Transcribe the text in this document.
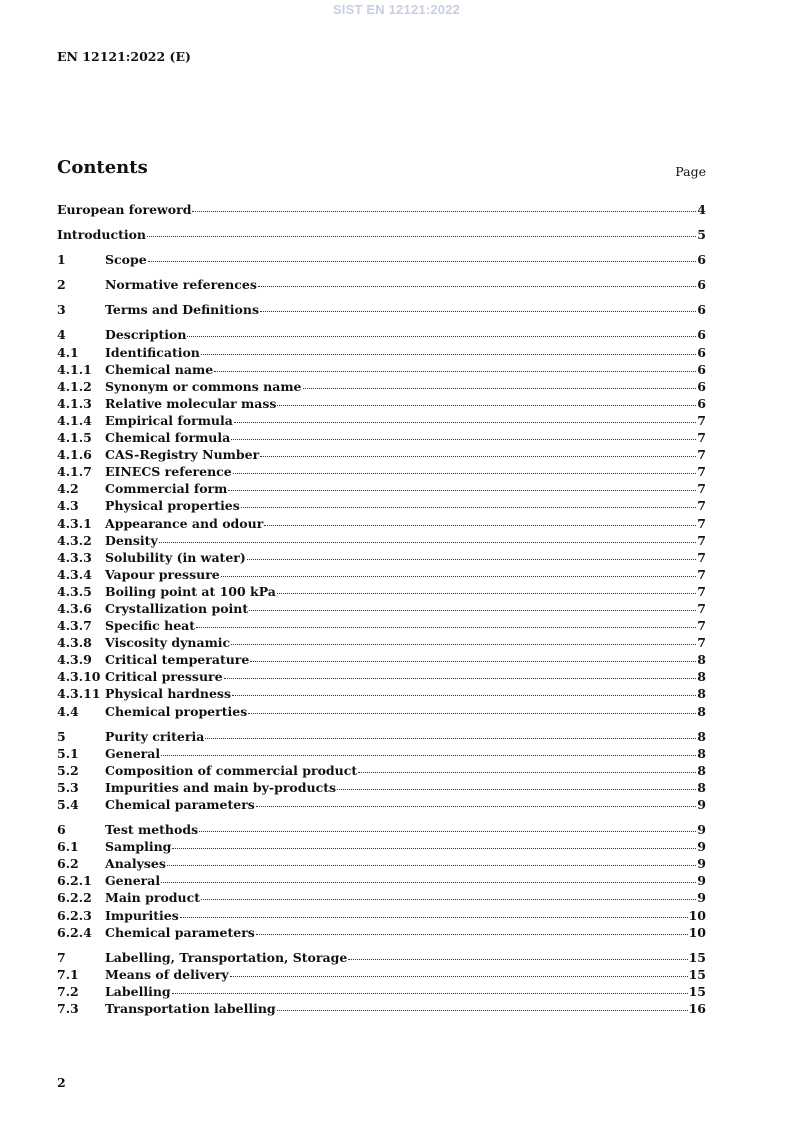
SIST EN 12121:2022
EN 12121:2022 (E)
Contents	Page
European foreword	4
Introduction	5
1	Scope	6
2	Normative references	6
3	Terms and Definitions	6
4	Description	6
4.1	Identification	6
4.1.1	Chemical name	6
4.1.2	Synonym or commons name	6
4.1.3	Relative molecular mass	6
4.1.4	Empirical formula	7
4.1.5	Chemical formula	7
4.1.6	CAS-Registry Number	7
4.1.7	EINECS reference	7
4.2	Commercial form	7
4.3	Physical properties	7
4.3.1	Appearance and odour	7
4.3.2	Density	7
4.3.3	Solubility (in water)	7
4.3.4	Vapour pressure	7
4.3.5	Boiling point at 100 kPa	7
4.3.6	Crystallization point	7
4.3.7	Specific heat	7
4.3.8	Viscosity dynamic	7
4.3.9	Critical temperature	8
4.3.10 Critical pressure	8
4.3.11 Physical hardness	8
4.4	Chemical properties	8
5	Purity criteria	8
5.1	General	8
5.2	Composition of commercial product	8
5.3	Impurities and main by-products	8
5.4	Chemical parameters	9
6	Test methods	9
6.1	Sampling	9
6.2	Analyses	9
6.2.1	General	9
6.2.2	Main product	9
6.2.3	Impurities	10
6.2.4	Chemical parameters	10
7	Labelling, Transportation, Storage	15
7.1	Means of delivery	15
7.2	Labelling	15
7.3	Transportation labelling	16
2
